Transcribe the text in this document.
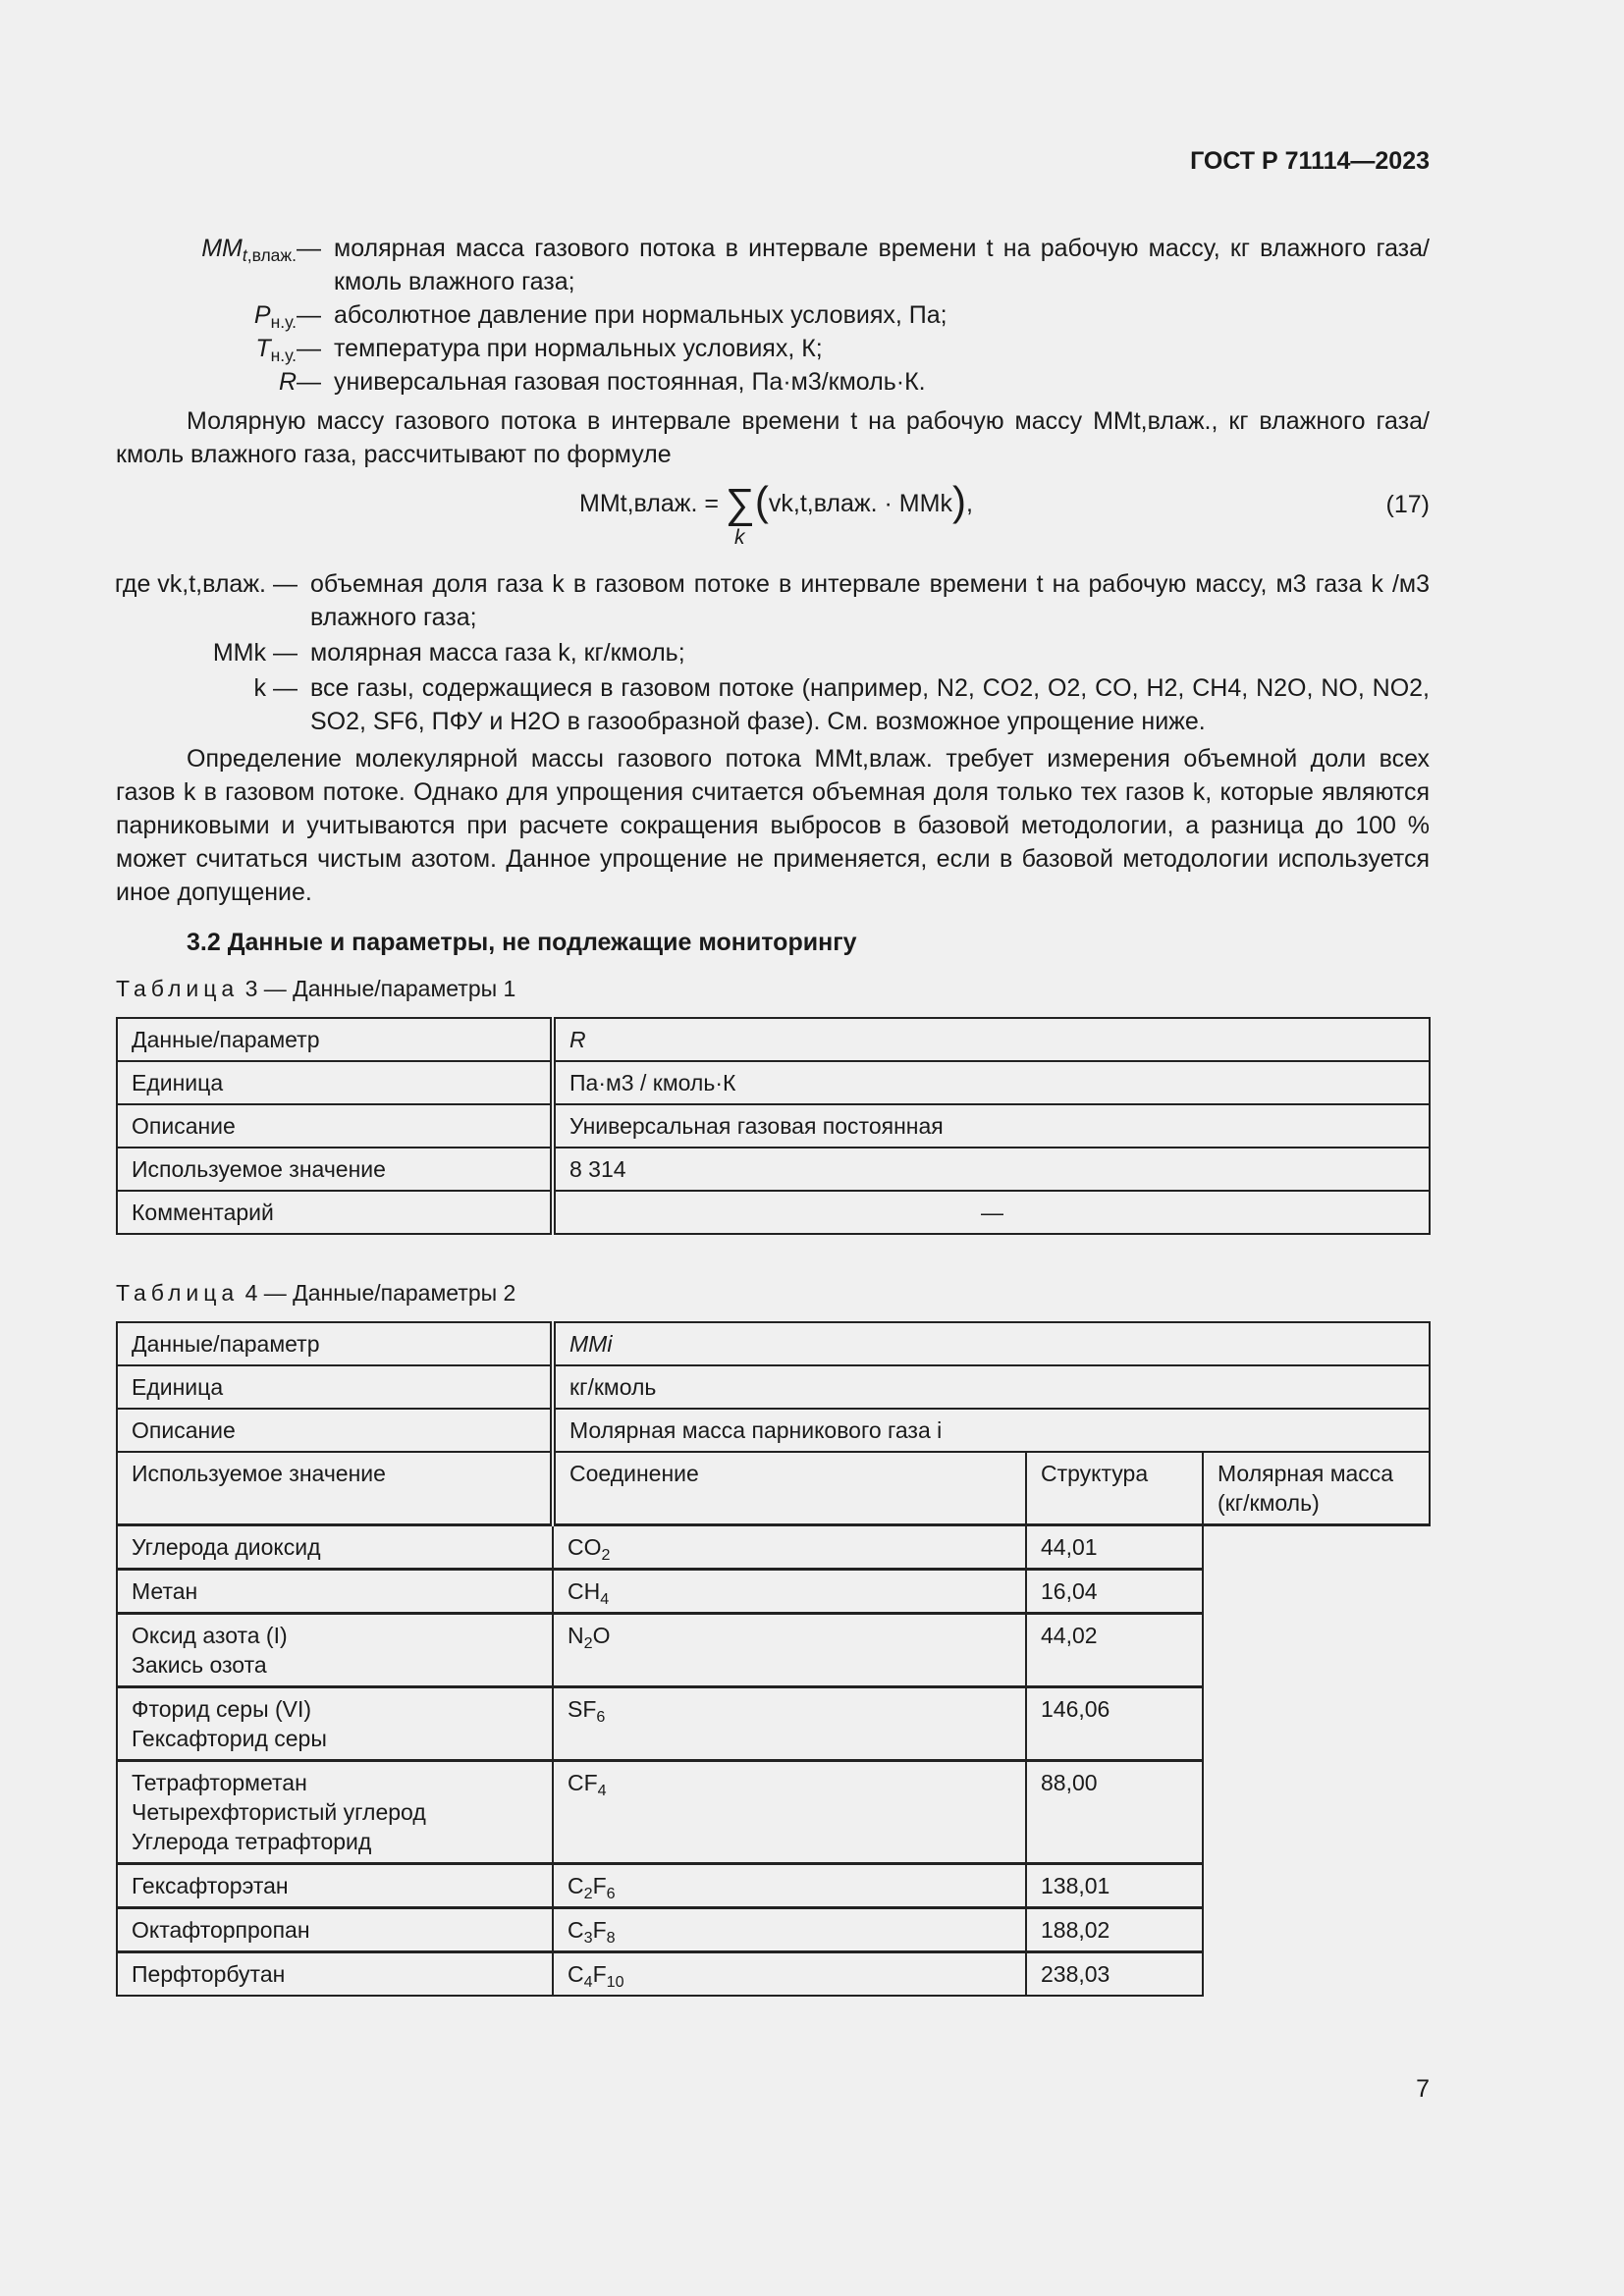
ГОСТ Р 71114—2023
$MM_{t,влаж.}$ — молярная масса газового потока в интервале времени t на рабочую массу, кг влажного газа/кмоль влажного газа;
$P_{н.у.}$ — абсолютное давление при нормальных условиях, Па;
$T_{н.у.}$ — температура при нормальных условиях, К;
R — универсальная газовая постоянная, Па·м3/кмоль·К.
Молярную массу газового потока в интервале времени t на рабочую массу MMt,влаж., кг влажного газа/кмоль влажного газа, рассчитывают по формуле
MMt,влаж. = ∑(vk,t,влаж. · MMk),
k
(17)
где vk,t,влаж. — объемная доля газа k в газовом потоке в интервале времени t на рабочую массу, м3 газа k /м3 влажного газа;
MMk — молярная масса газа k, кг/кмоль;
k — все газы, содержащиеся в газовом потоке (например, N2, CO2, O2, CO, H2, CH4, N2O, NO, NO2, SO2, SF6, ПФУ и H2O в газообразной фазе). См. возможное упрощение ниже.
Определение молекулярной массы газового потока MMt,влаж. требует измерения объемной доли всех газов k в газовом потоке. Однако для упрощения считается объемная доля только тех газов k, которые являются парниковыми и учитываются при расчете сокращения выбросов в базовой методологии, а разница до 100 % может считаться чистым азотом. Данное упрощение не применяется, если в базовой методологии используется иное допущение.
3.2 Данные и параметры, не подлежащие мониторингу
Таблица 3 — Данные/параметры 1
Данные/параметр	R
Единица	Па·м3 / кмоль·К
Описание	Универсальная газовая постоянная
Используемое значение	8 314
Комментарий	—
Таблица 4 — Данные/параметры 2
Данные/параметр	MMi		
Единица	кг/кмоль		
Описание	Молярная масса парникового газа i		
Используемое значение	Соединение	Структура	Молярная масса (кг/кмоль)
Углерода диоксид	$CO_2$	44,01	
Метан	$CH_4$	16,04	
Оксид азота (I)
Закись озота	$N_2O$	44,02	
Фторид серы (VI)
Гексафторид серы	$SF_6$	146,06	
Тетрафторметан
Четырехфтористый углерод
Углерода тетрафторид	$CF_4$	88,00	
Гексафторэтан	$C_2F_6$	138,01	
Октафторпропан	$C_3F_8$	188,02	
Перфторбутан	$C_4F_{10}$	238,03	
7
